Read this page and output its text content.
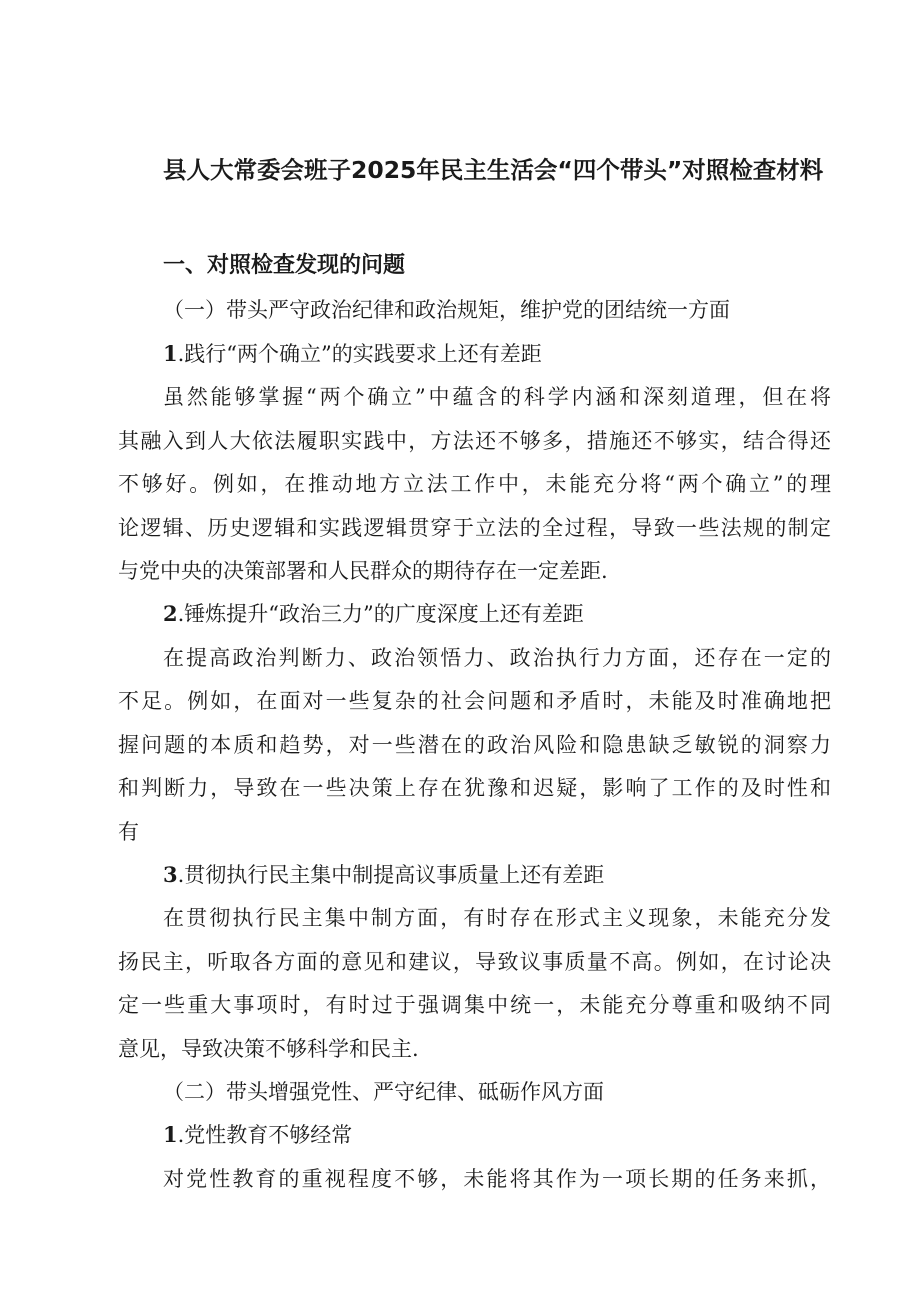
县人大常委会班子2025年民主生活会“四个带头”对照检查材料
一、对照检查发现的问题
（一）带头严守政治纪律和政治规矩，维护党的团结统一方面
1.践行“两个确立”的实践要求上还有差距
虽然能够掌握“两个确立”中蕴含的科学内涵和深刻道理，但在将
其融入到人大依法履职实践中，方法还不够多，措施还不够实，结合得还
不够好。例如，在推动地方立法工作中，未能充分将“两个确立”的理
论逻辑、历史逻辑和实践逻辑贯穿于立法的全过程，导致一些法规的制定
与党中央的决策部署和人民群众的期待存在一定差距.
2.锤炼提升“政治三力”的广度深度上还有差距
在提高政治判断力、政治领悟力、政治执行力方面，还存在一定的
不足。例如，在面对一些复杂的社会问题和矛盾时，未能及时准确地把
握问题的本质和趋势，对一些潜在的政治风险和隐患缺乏敏锐的洞察力
和判断力，导致在一些决策上存在犹豫和迟疑，影响了工作的及时性和
有
3.贯彻执行民主集中制提高议事质量上还有差距
在贯彻执行民主集中制方面，有时存在形式主义现象，未能充分发
扬民主，听取各方面的意见和建议，导致议事质量不高。例如，在讨论决
定一些重大事项时，有时过于强调集中统一，未能充分尊重和吸纳不同
意见，导致决策不够科学和民主.
（二）带头增强党性、严守纪律、砥砺作风方面
1.党性教育不够经常
对党性教育的重视程度不够，未能将其作为一项长期的任务来抓，
